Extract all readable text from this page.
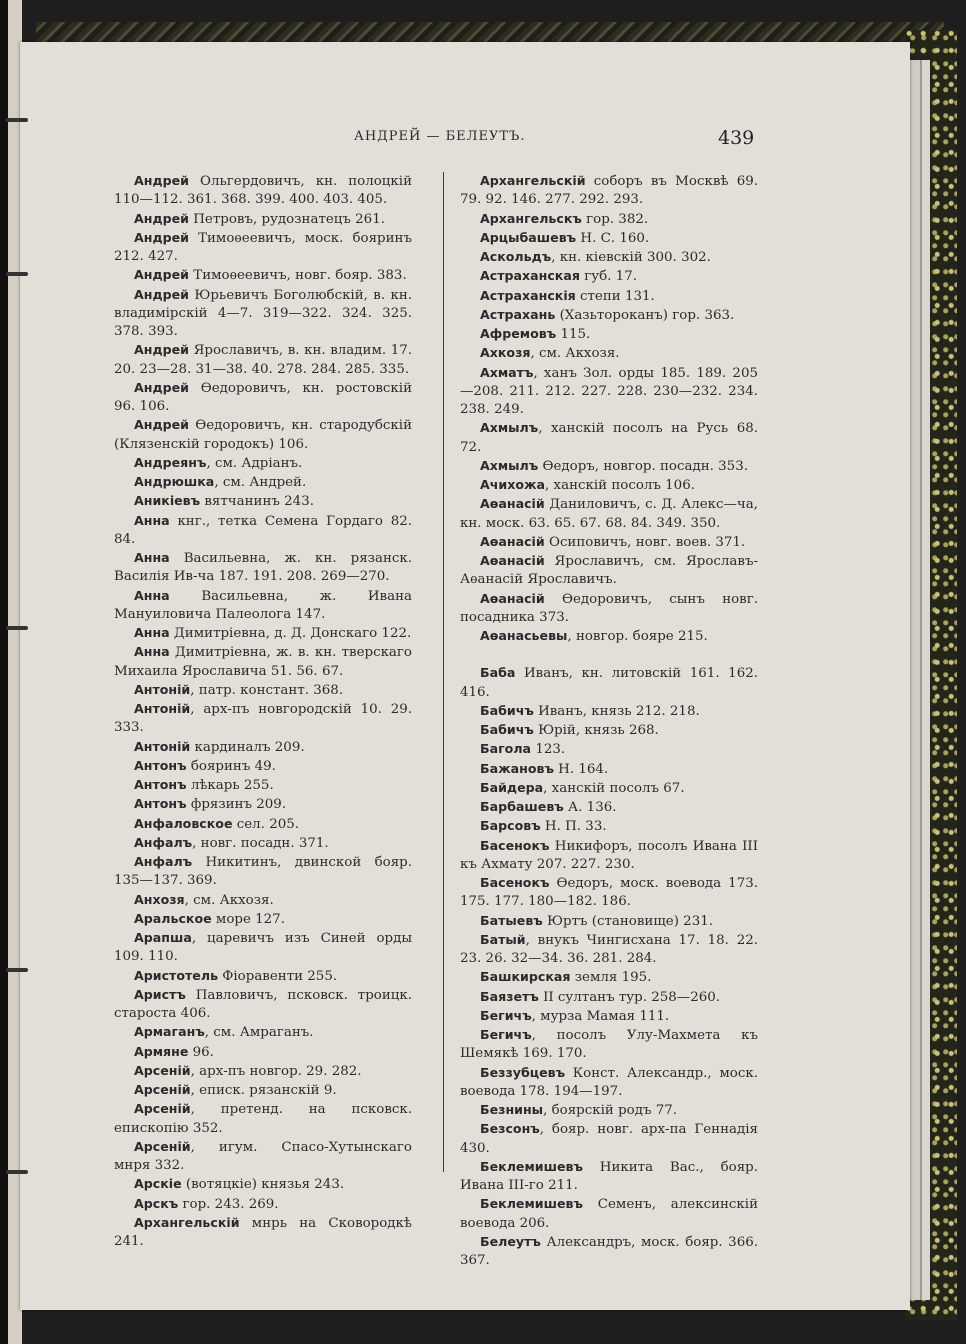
АНДРЕЙ — БЕЛЕУТЪ.	439

Андрей Ольгердовичъ, кн. полоцкій 110—112. 361. 368. 399. 400. 403. 405.

Андрей Петровъ, рудознатецъ 261.

Андрей Тимоѳеевичъ, моск. бояринъ 212. 427.

Андрей Тимоѳеевичъ, новг. бояр. 383.

Андрей Юрьевичъ Боголюбскій, в. кн. владимірскій 4—7. 319—322. 324. 325. 378. 393.

Андрей Ярославичъ, в. кн. владим. 17. 20. 23—28. 31—38. 40. 278. 284. 285. 335.

Андрей Ѳедоровичъ, кн. ростовскій 96. 106.

Андрей Ѳедоровичъ, кн. стародубскій (Клязенскій городокъ) 106.

Андреянъ, см. Адріанъ.

Андрюшка, см. Андрей.

Аникіевъ вятчанинъ 243.

Анна кнг., тетка Семена Гордаго 82. 84.

Анна Васильевна, ж. кн. рязанск. Василія Ив-ча 187. 191. 208. 269—270.

Анна Васильевна, ж. Ивана Мануиловича Палеолога 147.

Анна Димитріевна, д. Д. Донскаго 122.

Анна Димитріевна, ж. в. кн. тверскаго Михаила Ярославича 51. 56. 67.

Антоній, патр. констант. 368.

Антоній, арх-пъ новгородскій 10. 29. 333.

Антоній кардиналъ 209.

Антонъ бояринъ 49.

Антонъ лѣкарь 255.

Антонъ фрязинъ 209.

Анфаловское сел. 205.

Анфалъ, новг. посадн. 371.

Анфалъ Никитинъ, двинской бояр. 135—137. 369.

Анхозя, см. Акхозя.

Аральское море 127.

Арапша, царевичъ изъ Синей орды 109. 110.

Аристотель Фіоравенти 255.

Аристъ Павловичъ, псковск. троицк. староста 406.

Армаганъ, см. Амраганъ.

Армяне 96.

Арсеній, арх-пъ новгор. 29. 282.

Арсеній, еписк. рязанскій 9.

Арсеній, претенд. на псковск. епископію 352.

Арсеній, игум. Спасо-Хутынскаго мнря 332.

Арскіе (вотяцкіе) князья 243.

Арскъ гор. 243. 269.

Архангельскій мнрь на Сковородкѣ 241.

Архангельскій соборъ въ Москвѣ 69. 79. 92. 146. 277. 292. 293.

Архангельскъ гор. 382.

Арцыбашевъ Н. С. 160.

Аскольдъ, кн. кіевскій 300. 302.

Астраханская губ. 17.

Астраханскія степи 131.

Астрахань (Хазьтороканъ) гор. 363.

Афремовъ 115.

Ахкозя, см. Акхозя.

Ахматъ, ханъ Зол. орды 185. 189. 205—208. 211. 212. 227. 228. 230—232. 234. 238. 249.

Ахмылъ, ханскій посолъ на Русь 68. 72.

Ахмылъ Ѳедоръ, новгор. посадн. 353.

Ачихожа, ханскій посолъ 106.

Аѳанасій Даниловичъ, с. Д. Алекс—ча, кн. моск. 63. 65. 67. 68. 84. 349. 350.

Аѳанасій Осиповичъ, новг. воев. 371.

Аѳанасій Ярославичъ, см. Ярославъ-Аѳанасій Ярославичъ.

Аѳанасій Ѳедоровичъ, сынъ новг. посадника 373.

Аѳанасьевы, новгор. бояре 215.

Баба Иванъ, кн. литовскій 161. 162. 416.

Бабичъ Иванъ, князь 212. 218.

Бабичъ Юрій, князь 268.

Багола 123.

Бажановъ Н. 164.

Байдера, ханскій посолъ 67.

Барбашевъ А. 136.

Барсовъ Н. П. 33.

Басенокъ Никифоръ, посолъ Ивана III къ Ахмату 207. 227. 230.

Басенокъ Ѳедоръ, моск. воевода 173. 175. 177. 180—182. 186.

Батыевъ Юртъ (становище) 231.

Батый, внукъ Чингисхана 17. 18. 22. 23. 26. 32—34. 36. 281. 284.

Башкирская земля 195.

Баязетъ II султанъ тур. 258—260.

Бегичъ, мурза Мамая 111.

Бегичъ, посолъ Улу-Махмета къ Шемякѣ 169. 170.

Беззубцевъ Конст. Александр., моск. воевода 178. 194—197.

Безнины, боярскій родъ 77.

Безсонъ, бояр. новг. арх-па Геннадія 430.

Беклемишевъ Никита Вас., бояр. Ивана III-го 211.

Беклемишевъ Семенъ, алексинскій воевода 206.

Белеутъ Александръ, моск. бояр. 366. 367.
